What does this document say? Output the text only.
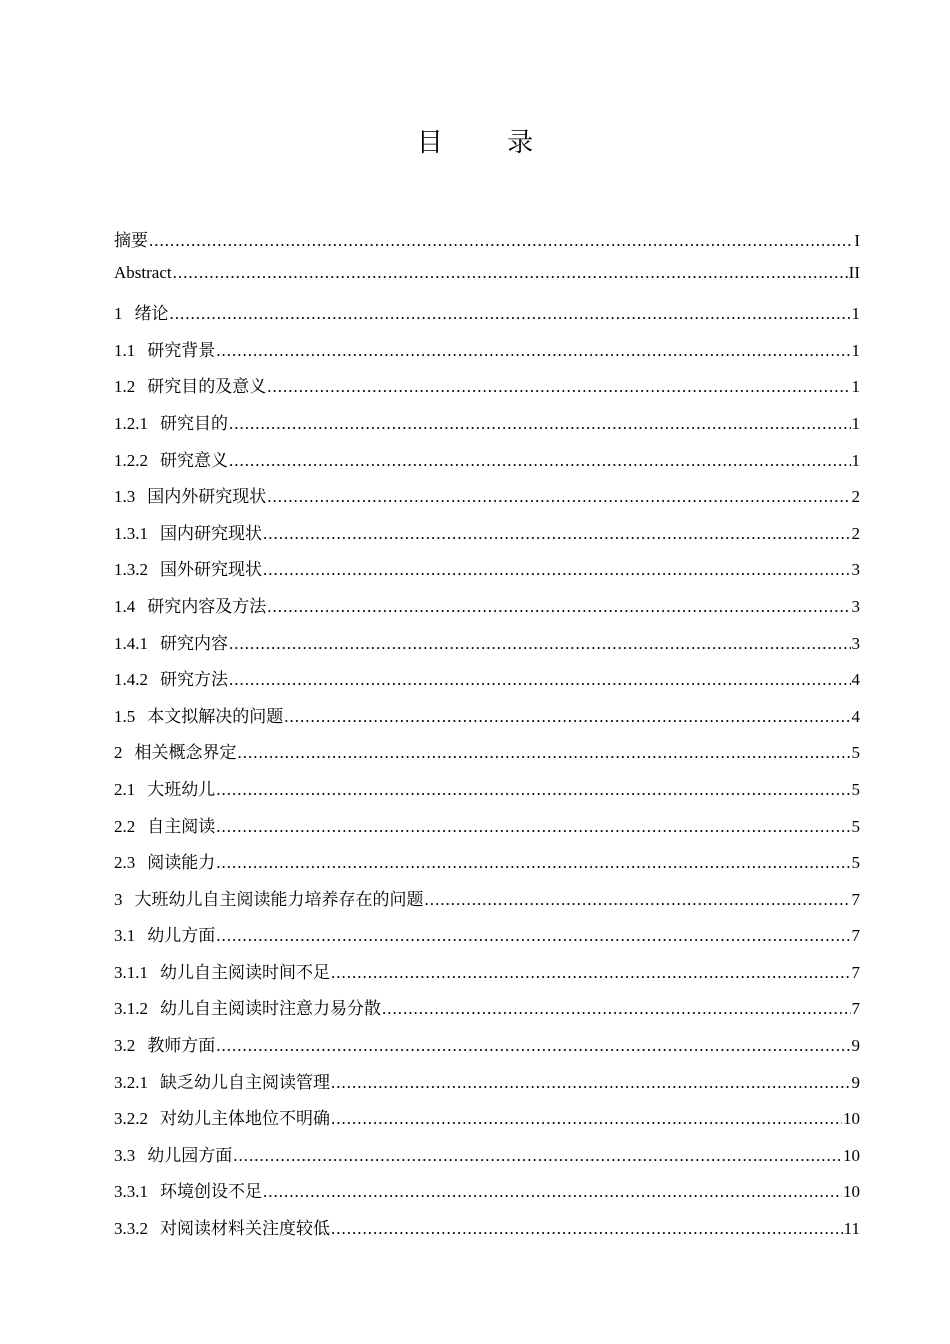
目 录
摘要 .....	I
Abstract .....	II
1 绪论 .....	1
1.1 研究背景 .....	1
1.2 研究目的及意义 .....	1
1.2.1 研究目的 .....	1
1.2.2 研究意义 .....	1
1.3 国内外研究现状 .....	2
1.3.1 国内研究现状 .....	2
1.3.2 国外研究现状 .....	3
1.4 研究内容及方法 .....	3
1.4.1 研究内容 .....	3
1.4.2 研究方法 .....	4
1.5 本文拟解决的问题 .....	4
2 相关概念界定 .....	5
2.1 大班幼儿 .....	5
2.2 自主阅读 .....	5
2.3 阅读能力 .....	5
3 大班幼儿自主阅读能力培养存在的问题 .....	7
3.1 幼儿方面 .....	7
3.1.1 幼儿自主阅读时间不足 .....	7
3.1.2 幼儿自主阅读时注意力易分散 .....	7
3.2 教师方面 .....	9
3.2.1 缺乏幼儿自主阅读管理 .....	9
3.2.2 对幼儿主体地位不明确 .....	10
3.3 幼儿园方面 .....	10
3.3.1 环境创设不足 .....	10
3.3.2 对阅读材料关注度较低 .....	11
